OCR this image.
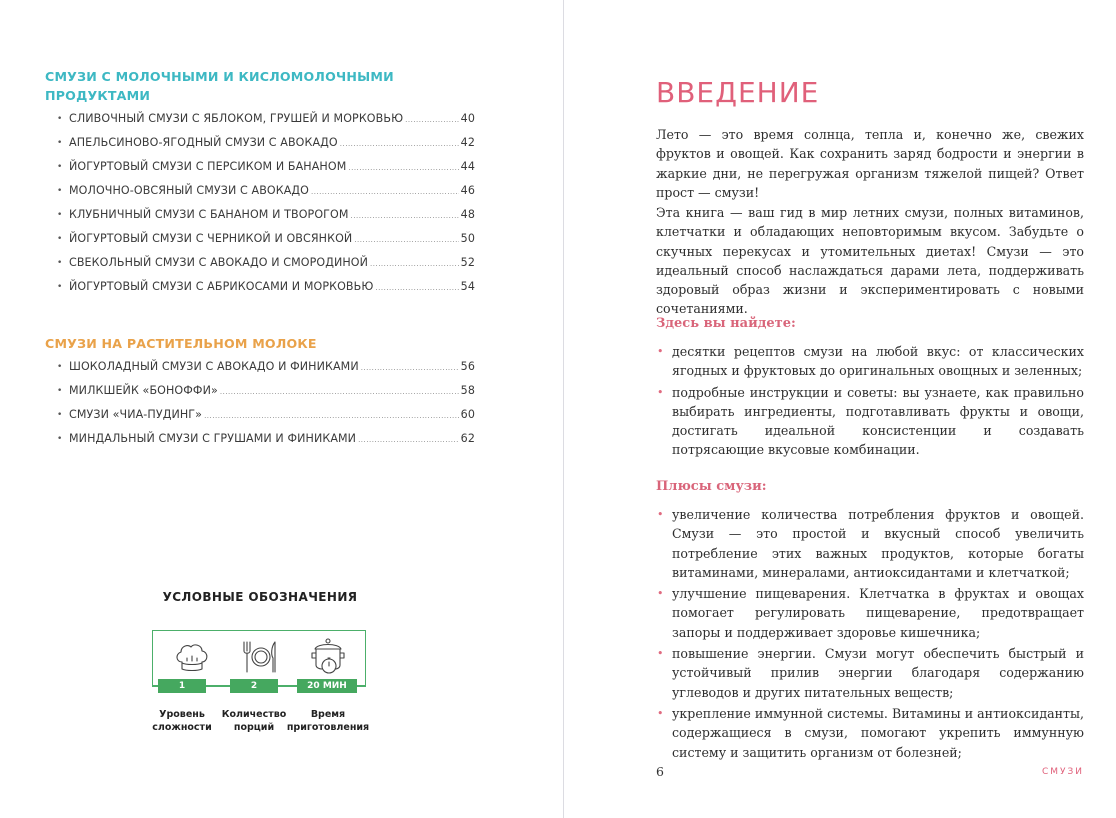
СМУЗИ С МОЛОЧНЫМИ И КИСЛОМОЛОЧНЫМИ
ПРОДУКТАМИ
• СЛИВОЧНЫЙ СМУЗИ С ЯБЛОКОМ, ГРУШЕЙ И МОРКОВЬЮ .....	40
• АПЕЛЬСИНОВО-ЯГОДНЫЙ СМУЗИ С АВОКАДО .....	42
• ЙОГУРТОВЫЙ СМУЗИ С ПЕРСИКОМ И БАНАНОМ .....	44
• МОЛОЧНО-ОВСЯНЫЙ СМУЗИ С АВОКАДО .....	46
• КЛУБНИЧНЫЙ СМУЗИ С БАНАНОМ И ТВОРОГОМ .....	48
• ЙОГУРТОВЫЙ СМУЗИ С ЧЕРНИКОЙ И ОВСЯНКОЙ .....	50
• СВЕКОЛЬНЫЙ СМУЗИ С АВОКАДО И СМОРОДИНОЙ .....	52
• ЙОГУРТОВЫЙ СМУЗИ С АБРИКОСАМИ И МОРКОВЬЮ .....	54
СМУЗИ НА РАСТИТЕЛЬНОМ МОЛОКЕ
• ШОКОЛАДНЫЙ СМУЗИ С АВОКАДО И ФИНИКАМИ .....	56
• МИЛКШЕЙК «БОНОФФИ» .....	58
• СМУЗИ «ЧИА-ПУДИНГ» .....	60
• МИНДАЛЬНЫЙ СМУЗИ С ГРУШАМИ И ФИНИКАМИ .....	62
УСЛОВНЫЕ ОБОЗНАЧЕНИЯ
1	2	20 МИН
Уровень
сложности
Количество
порций
Время
приготовления
ВВЕДЕНИЕ

Лето — это время солнца, тепла и, конечно же, свежих фруктов и овощей. Как сохранить заряд бодрости и энергии в жаркие дни, не перегружая организм тяжелой пищей? Ответ прост — смузи!

Эта книга — ваш гид в мир летних смузи, полных витаминов, клетчатки и обладающих неповторимым вкусом. Забудьте о скучных перекусах и утомительных диетах! Смузи — это идеальный способ наслаждаться дарами лета, поддерживать здоровый образ жизни и экспериментировать с новыми сочетаниями.

Здесь вы найдете:
• десятки рецептов смузи на любой вкус: от классических ягодных и фруктовых до оригинальных овощных и зеленных;
• подробные инструкции и советы: вы узнаете, как правильно выбирать ингредиенты, подготавливать фрукты и овощи, достигать идеальной консистенции и создавать потрясающие вкусовые комбинации.
Плюсы смузи:
• увеличение количества потребления фруктов и овощей. Смузи — это простой и вкусный способ увеличить потребление этих важных продуктов, которые богаты витаминами, минералами, антиоксидантами и клетчаткой;
• улучшение пищеварения. Клетчатка в фруктах и овощах помогает регулировать пищеварение, предотвращает запоры и поддерживает здоровье кишечника;
• повышение энергии. Смузи могут обеспечить быстрый и устойчивый прилив энергии благодаря содержанию углеводов и других питательных веществ;
• укрепление иммунной системы. Витамины и антиоксиданты, содержащиеся в смузи, помогают укрепить иммунную систему и защитить организм от болезней;
6	СМУЗИ
